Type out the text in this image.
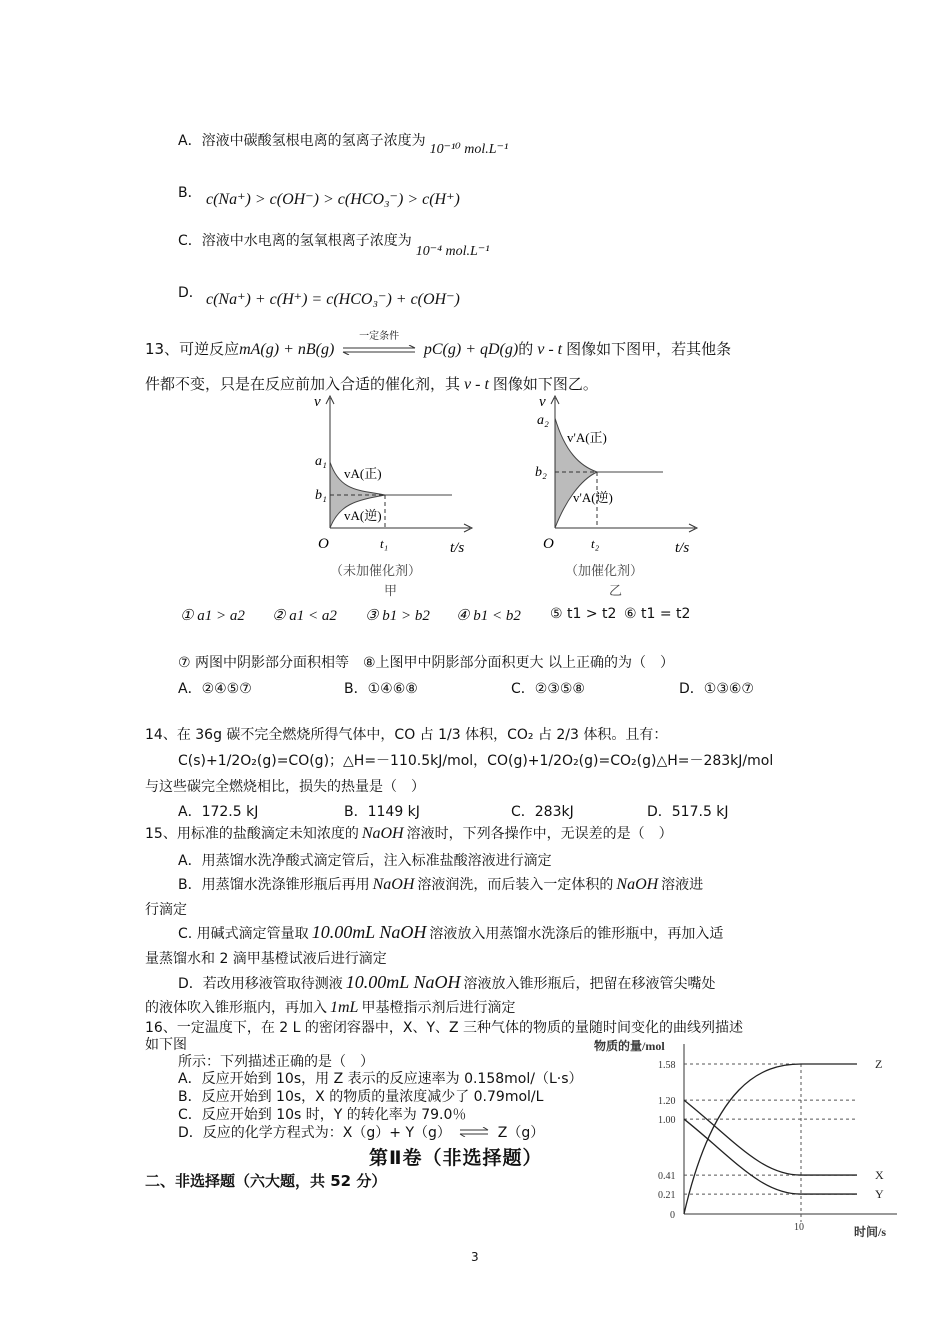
A．溶液中碳酸氢根电离的氢离子浓度为10⁻¹⁰ mol.L⁻¹
B． c(Na⁺) > c(OH⁻) > c(HCO₃⁻) > c(H⁺)
C．溶液中水电离的氢氧根离子浓度为10⁻⁴ mol.L⁻¹
D． c(Na⁺) + c(H⁺) = c(HCO₃⁻) + c(OH⁻)
13、可逆反应mA(g) + nB(g)
一定条件
pC(g) + qD(g)的 v - t 图像如下图甲，若其他条
件都不变，只是在反应前加入合适的催化剂，其 v - t 图像如下图乙。
v
a₁
b₁
O	t₁	t/s
vA(正)
vA(逆)
（未加催化剂）
甲
v
a₂
b₂
O	t₂	t/s
v'A(正)
v'A(逆)
（加催化剂）
乙
① a1 > a2 ② a1 < a2 ③ b1 > b2 ④ b1 < b2 ⑤ t1 > t2 ⑥ t1 = t2
⑦ 两图中阴影部分面积相等　⑧上图甲中阴影部分面积更大 以上正确的为（　）
A．②④⑤⑦	B．①④⑥⑧	C．②③⑤⑧	D．①③⑥⑦
14、在 36g 碳不完全燃烧所得气体中，CO 占 1/3 体积，CO₂ 占 2/3 体积。且有：
C(s)+1/2O₂(g)=CO(g)；△H=－110.5kJ/mol，CO(g)+1/2O₂(g)=CO₂(g)△H=－283kJ/mol
与这些碳完全燃烧相比，损失的热量是（　）
A．172.5 kJ	B．1149 kJ	C．283kJ	D．517.5 kJ
15、用标准的盐酸滴定未知浓度的 NaOH 溶液时，下列各操作中，无误差的是（　）
A．用蒸馏水洗净酸式滴定管后，注入标准盐酸溶液进行滴定
B．用蒸馏水洗涤锥形瓶后再用 NaOH 溶液润洗，而后装入一定体积的 NaOH 溶液进
行滴定
C. 用碱式滴定管量取 10.00mL NaOH 溶液放入用蒸馏水洗涤后的锥形瓶中，再加入适
量蒸馏水和 2 滴甲基橙试液后进行滴定
D．若改用移液管取待测液 10.00mL NaOH 溶液放入锥形瓶后，把留在移液管尖嘴处
的液体吹入锥形瓶内，再加入 1mL 甲基橙指示剂后进行滴定
16、一定温度下，在 2 L 的密闭容器中，X、Y、Z 三种气体的物质的量随时间变化的曲线列描述
如下图
所示：下列描述正确的是（　）
A．反应开始到 10s，用 Z 表示的反应速率为 0.158mol/（L·s）
B．反应开始到 10s，X 的物质的量浓度减少了 0.79mol/L
C．反应开始到 10s 时，Y 的转化率为 79.0％
D．反应的化学方程式为：X（g）+ Y（g） ⇌ Z（g）
物质的量/mol
时间/s
0
0.21
0.41
1.00
1.20
1.58
10
Z
X
Y
第Ⅱ卷（非选择题）
二、非选择题（六大题，共 52 分）
3
